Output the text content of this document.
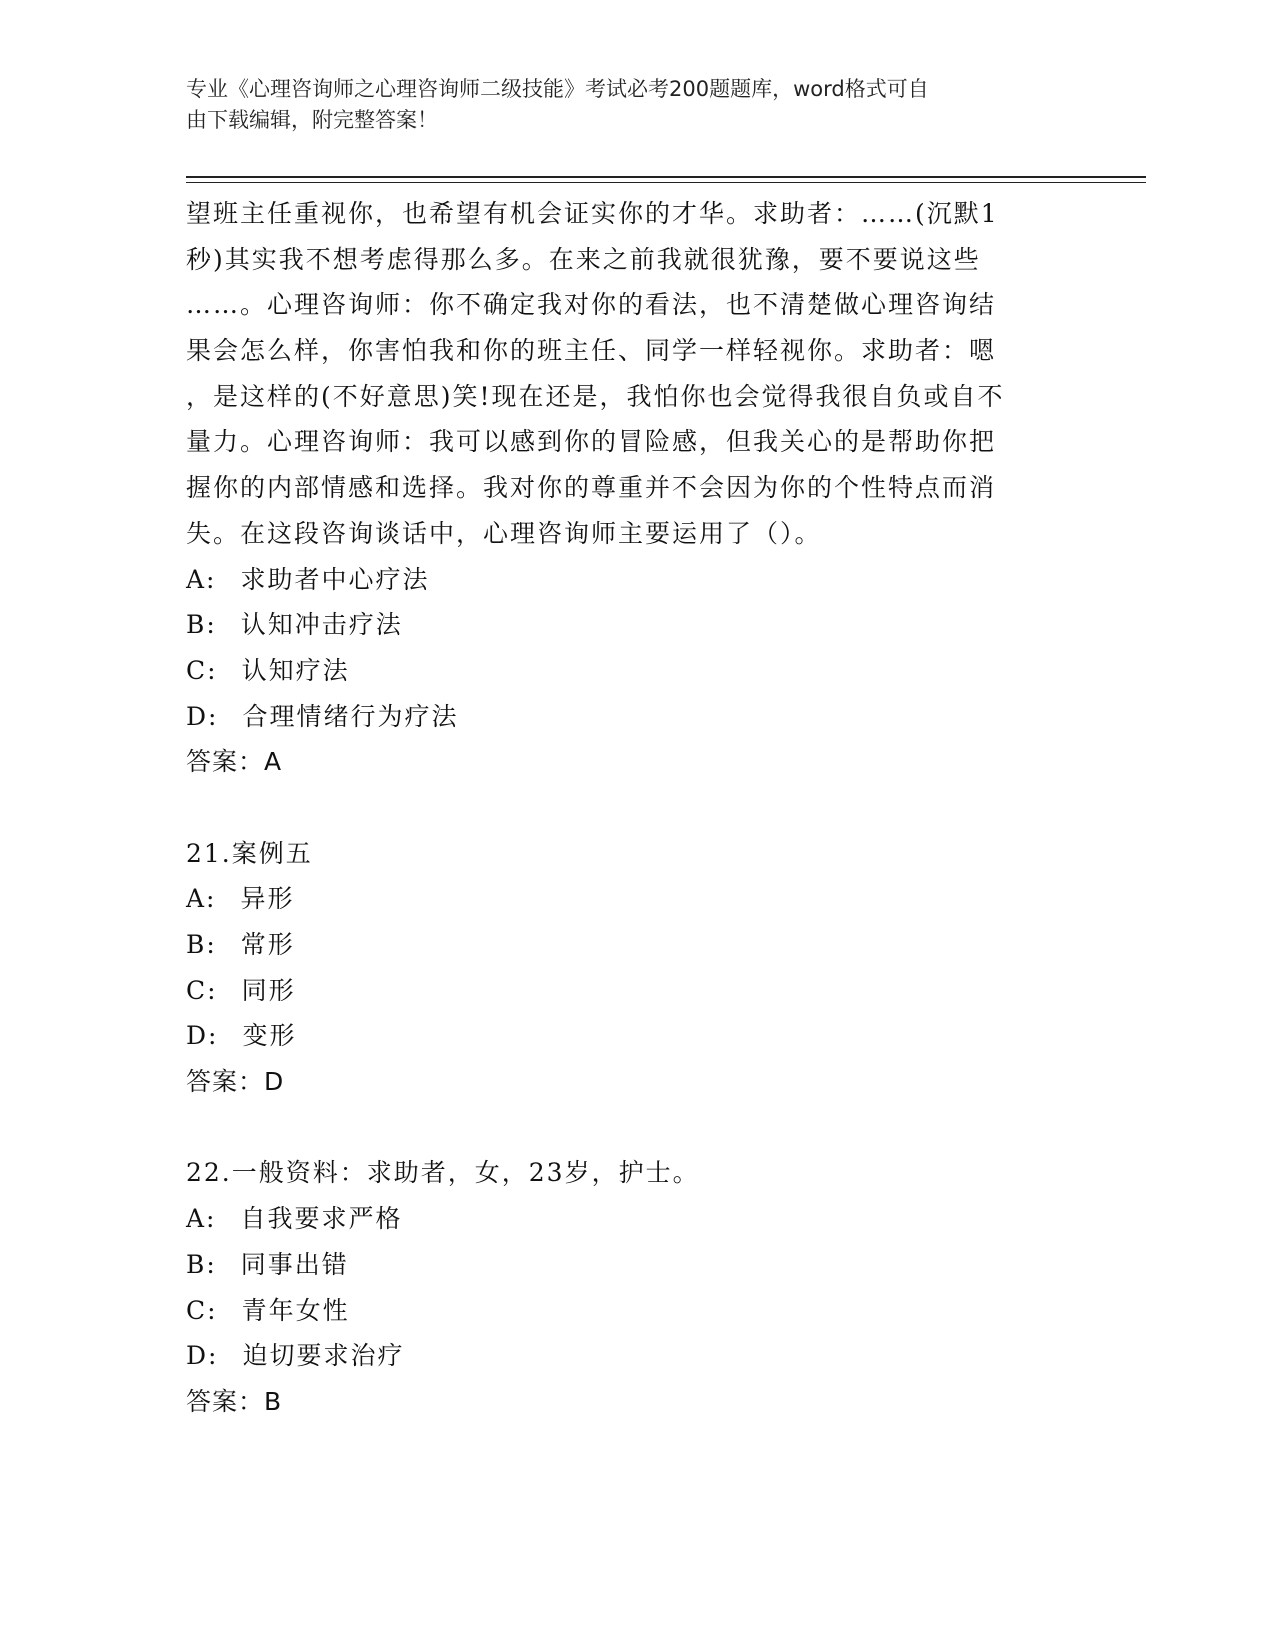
专业《心理咨询师之心理咨询师二级技能》考试必考200题题库，word格式可自
由下载编辑，附完整答案！
望班主任重视你，也希望有机会证实你的才华。求助者：……(沉默1
秒)其实我不想考虑得那么多。在来之前我就很犹豫，要不要说这些
……。心理咨询师：你不确定我对你的看法，也不清楚做心理咨询结
果会怎么样，你害怕我和你的班主任、同学一样轻视你。求助者：嗯
，是这样的(不好意思)笑!现在还是，我怕你也会觉得我很自负或自不
量力。心理咨询师：我可以感到你的冒险感，但我关心的是帮助你把
握你的内部情感和选择。我对你的尊重并不会因为你的个性特点而消
失。在这段咨询谈话中，心理咨询师主要运用了（）。
A: 求助者中心疗法
B: 认知冲击疗法
C: 认知疗法
D: 合理情绪行为疗法
答案：A
21.案例五
A: 异形
B: 常形
C: 同形
D: 变形
答案：D
22.一般资料：求助者，女，23岁，护士。
A: 自我要求严格
B: 同事出错
C: 青年女性
D: 迫切要求治疗
答案：B
